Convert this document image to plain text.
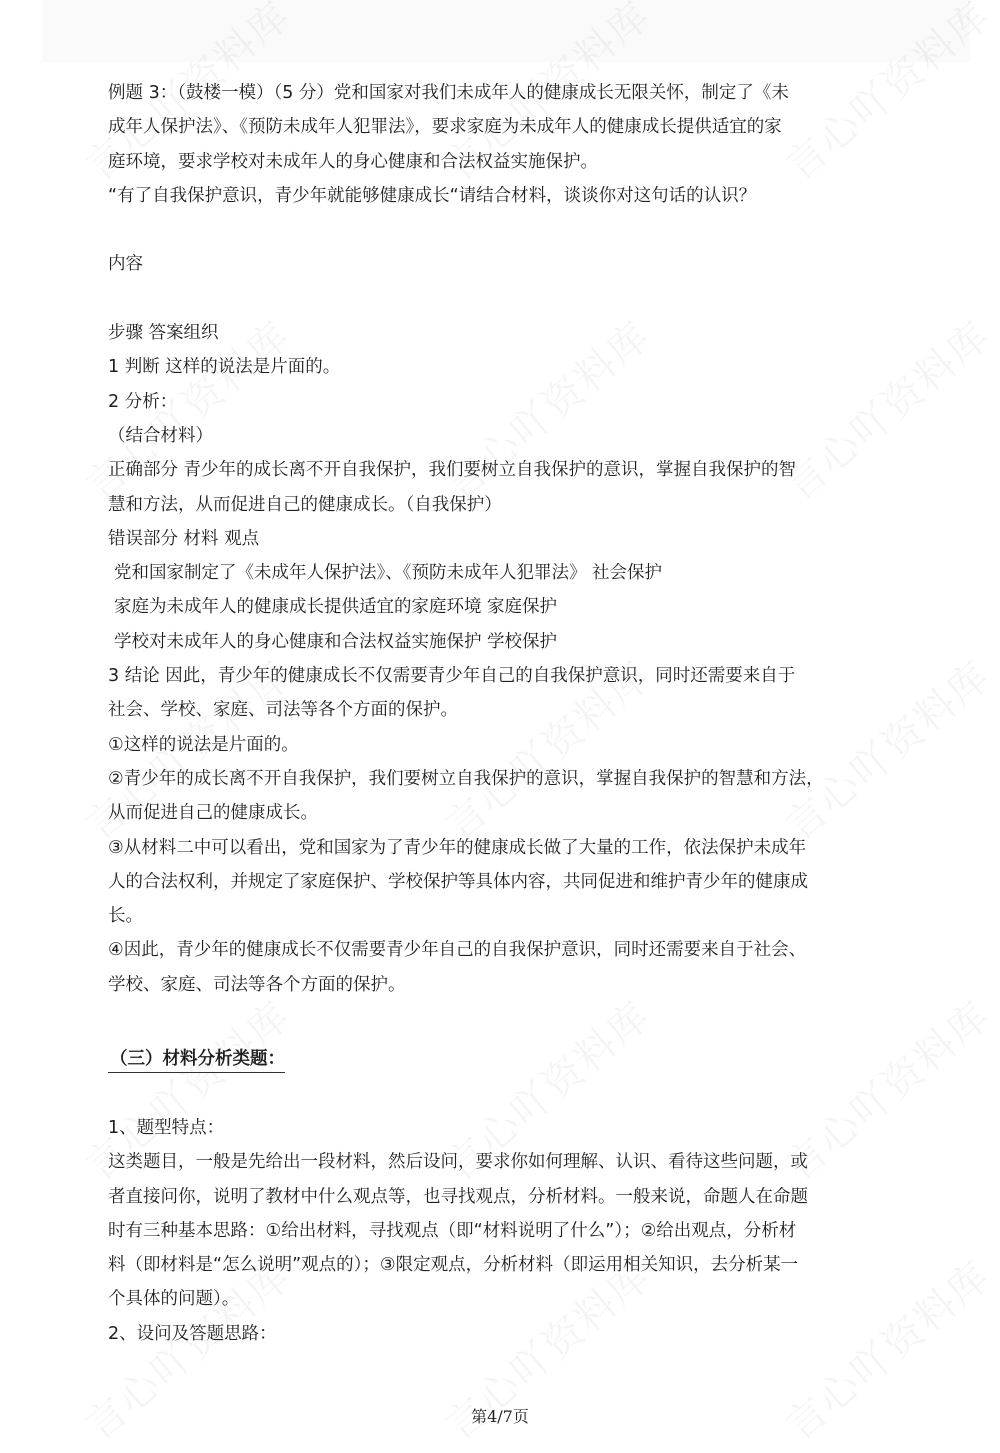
例题 3：（鼓楼一模）（5 分）党和国家对我们未成年人的健康成长无限关怀，制定了《未
成年人保护法》、《预防未成年人犯罪法》，要求家庭为未成年人的健康成长提供适宜的家
庭环境，要求学校对未成年人的身心健康和合法权益实施保护。
“有了自我保护意识，青少年就能够健康成长“请结合材料，谈谈你对这句话的认识？
内容
步骤 答案组织
1 判断 这样的说法是片面的。
2 分析：
（结合材料）
正确部分 青少年的成长离不开自我保护，我们要树立自我保护的意识，掌握自我保护的智
慧和方法，从而促进自己的健康成长。（自我保护）
错误部分 材料 观点
党和国家制定了《未成年人保护法》、《预防未成年人犯罪法》 社会保护
家庭为未成年人的健康成长提供适宜的家庭环境 家庭保护
学校对未成年人的身心健康和合法权益实施保护 学校保护
3 结论 因此，青少年的健康成长不仅需要青少年自己的自我保护意识，同时还需要来自于
社会、学校、家庭、司法等各个方面的保护。
①这样的说法是片面的。
②青少年的成长离不开自我保护，我们要树立自我保护的意识，掌握自我保护的智慧和方法，
从而促进自己的健康成长。
③从材料二中可以看出，党和国家为了青少年的健康成长做了大量的工作，依法保护未成年
人的合法权利，并规定了家庭保护、学校保护等具体内容，共同促进和维护青少年的健康成
长。
④因此，青少年的健康成长不仅需要青少年自己的自我保护意识，同时还需要来自于社会、
学校、家庭、司法等各个方面的保护。
（三）材料分析类题：
1、题型特点：
这类题目，一般是先给出一段材料，然后设问，要求你如何理解、认识、看待这些问题，或
者直接问你，说明了教材中什么观点等，也寻找观点，分析材料。一般来说，命题人在命题
时有三种基本思路：①给出材料，寻找观点（即“材料说明了什么”）；②给出观点，分析材
料（即材料是“怎么说明”观点的）；③限定观点，分析材料（即运用相关知识，去分析某一
个具体的问题）。
2、设问及答题思路：
第4/7页
